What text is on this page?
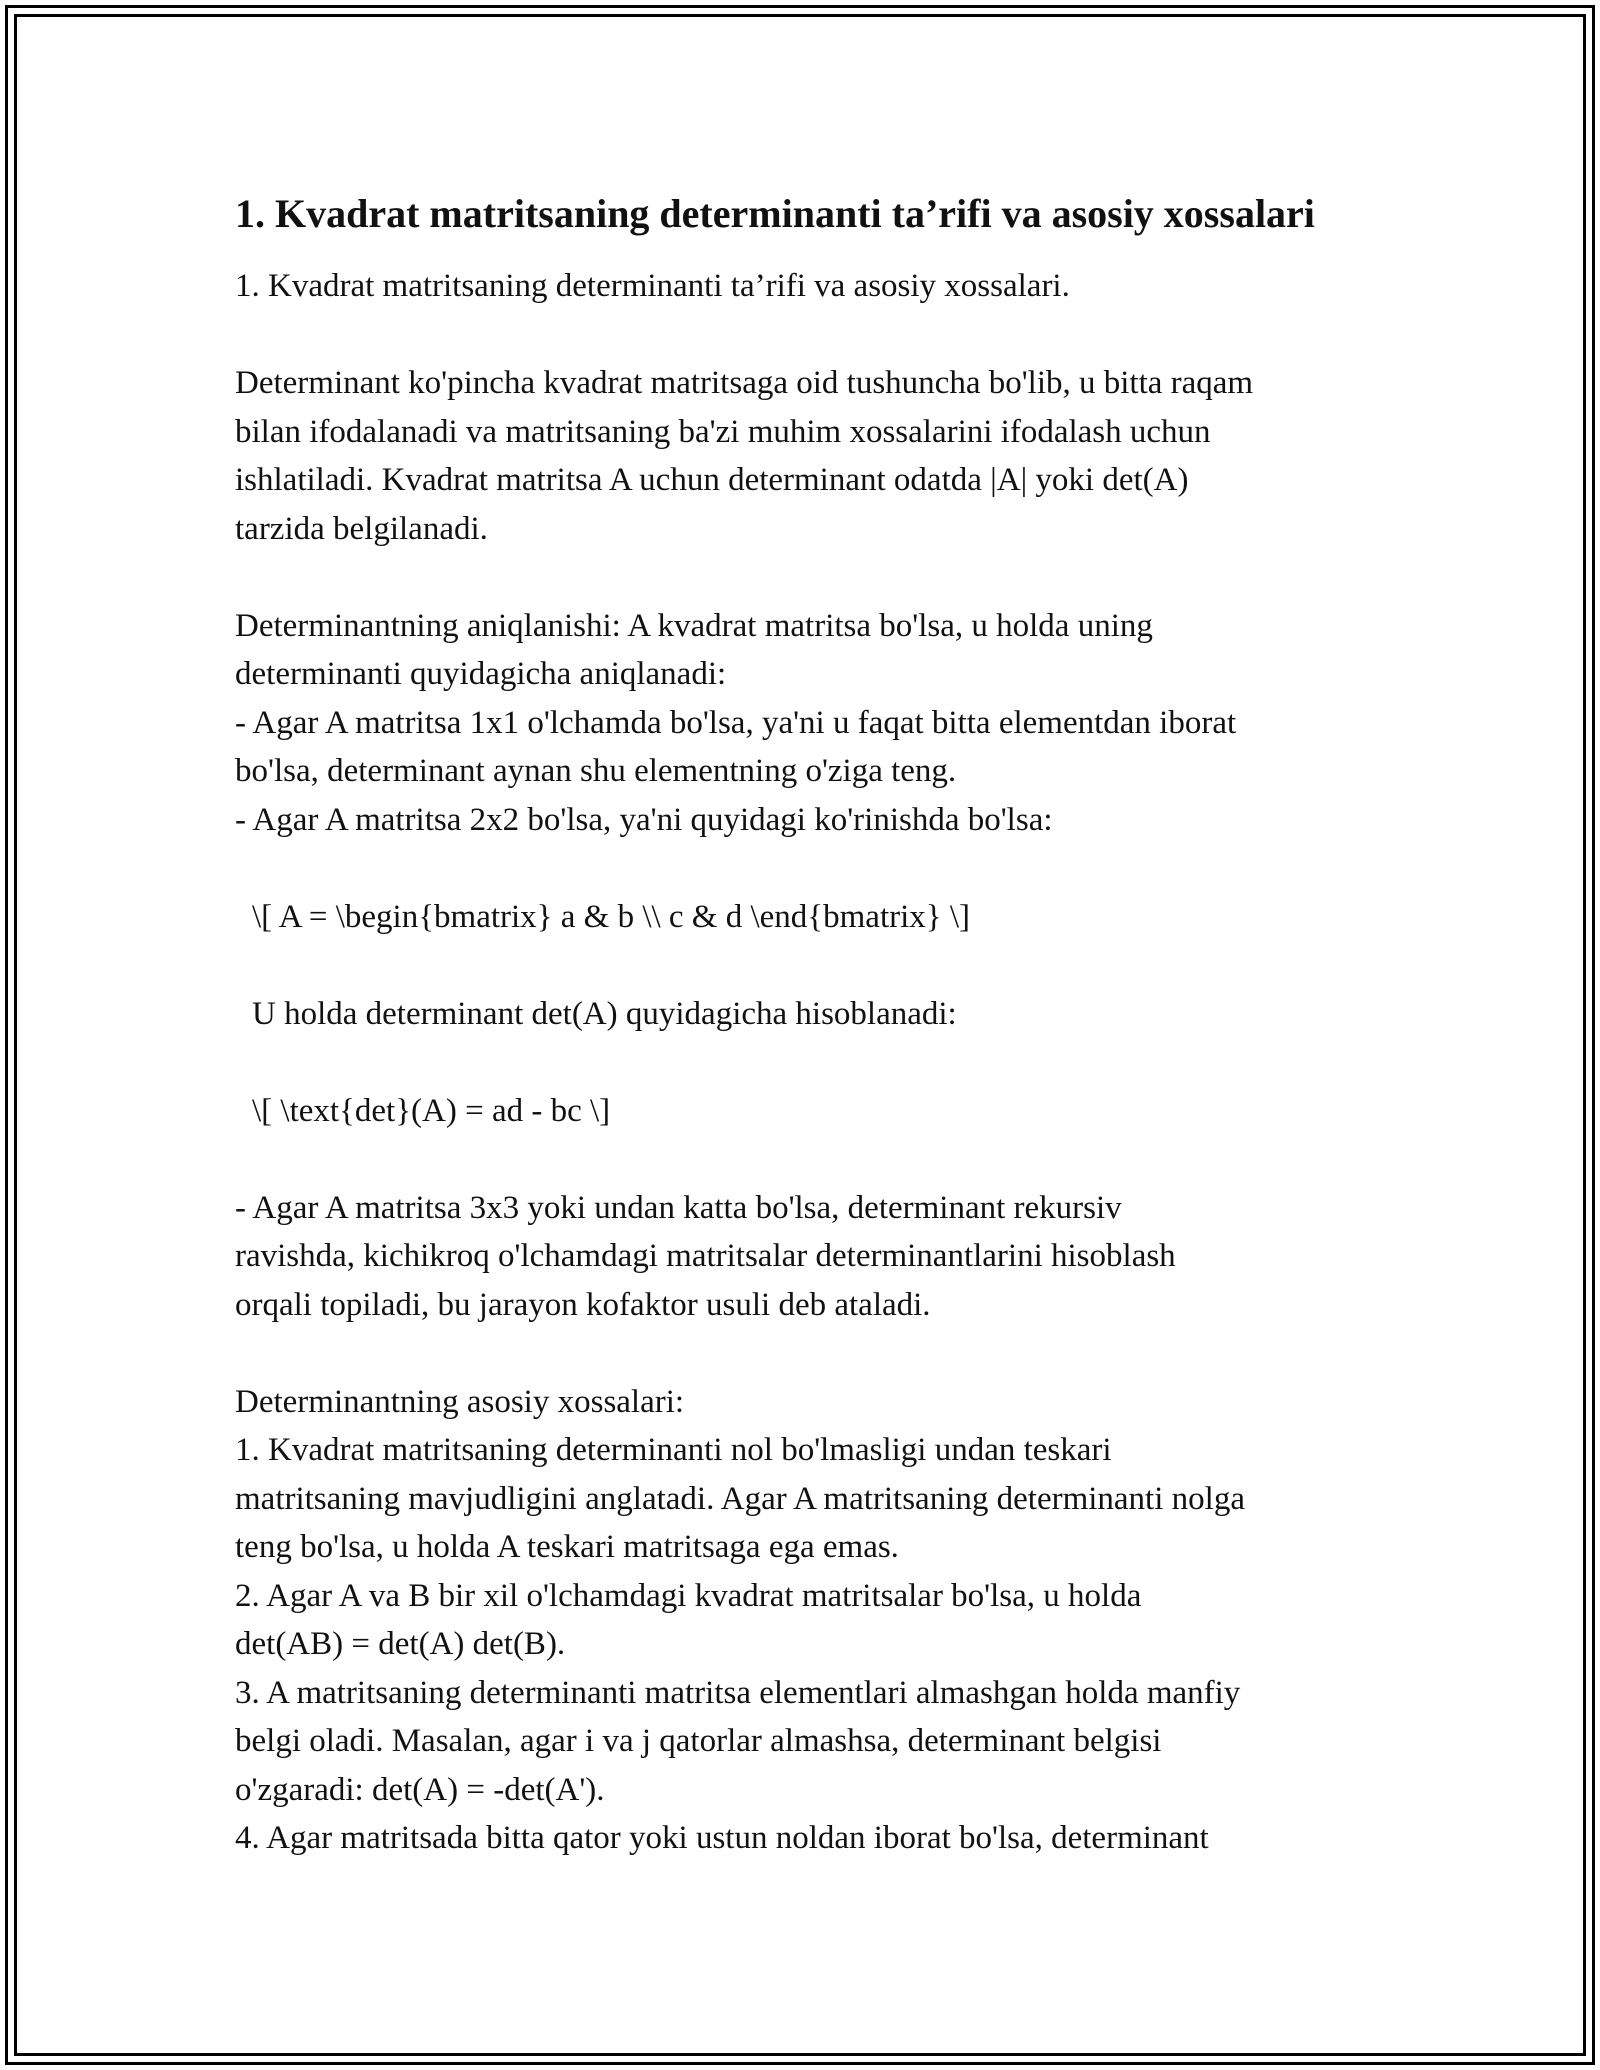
1. Kvadrat matritsaning determinanti ta’rifi va asosiy xossalari
1. Kvadrat matritsaning determinanti ta’rifi va asosiy xossalari.
Determinant ko'pincha kvadrat matritsaga oid tushuncha bo'lib, u bitta raqam
bilan ifodalanadi va matritsaning ba'zi muhim xossalarini ifodalash uchun
ishlatiladi. Kvadrat matritsa A uchun determinant odatda |A| yoki det(A)
tarzida belgilanadi.
Determinantning aniqlanishi: A kvadrat matritsa bo'lsa, u holda uning
determinanti quyidagicha aniqlanadi:
- Agar A matritsa 1x1 o'lchamda bo'lsa, ya'ni u faqat bitta elementdan iborat
bo'lsa, determinant aynan shu elementning o'ziga teng.
- Agar A matritsa 2x2 bo'lsa, ya'ni quyidagi ko'rinishda bo'lsa:
\[ A = \begin{bmatrix} a & b \\ c & d \end{bmatrix} \]
U holda determinant det(A) quyidagicha hisoblanadi:
\[ \text{det}(A) = ad - bc \]
- Agar A matritsa 3x3 yoki undan katta bo'lsa, determinant rekursiv
ravishda, kichikroq o'lchamdagi matritsalar determinantlarini hisoblash
orqali topiladi, bu jarayon kofaktor usuli deb ataladi.
Determinantning asosiy xossalari:
1. Kvadrat matritsaning determinanti nol bo'lmasligi undan teskari
matritsaning mavjudligini anglatadi. Agar A matritsaning determinanti nolga
teng bo'lsa, u holda A teskari matritsaga ega emas.
2. Agar A va B bir xil o'lchamdagi kvadrat matritsalar bo'lsa, u holda
det(AB) = det(A) det(B).
3. A matritsaning determinanti matritsa elementlari almashgan holda manfiy
belgi oladi. Masalan, agar i va j qatorlar almashsa, determinant belgisi
o'zgaradi: det(A) = -det(A').
4. Agar matritsada bitta qator yoki ustun noldan iborat bo'lsa, determinant
